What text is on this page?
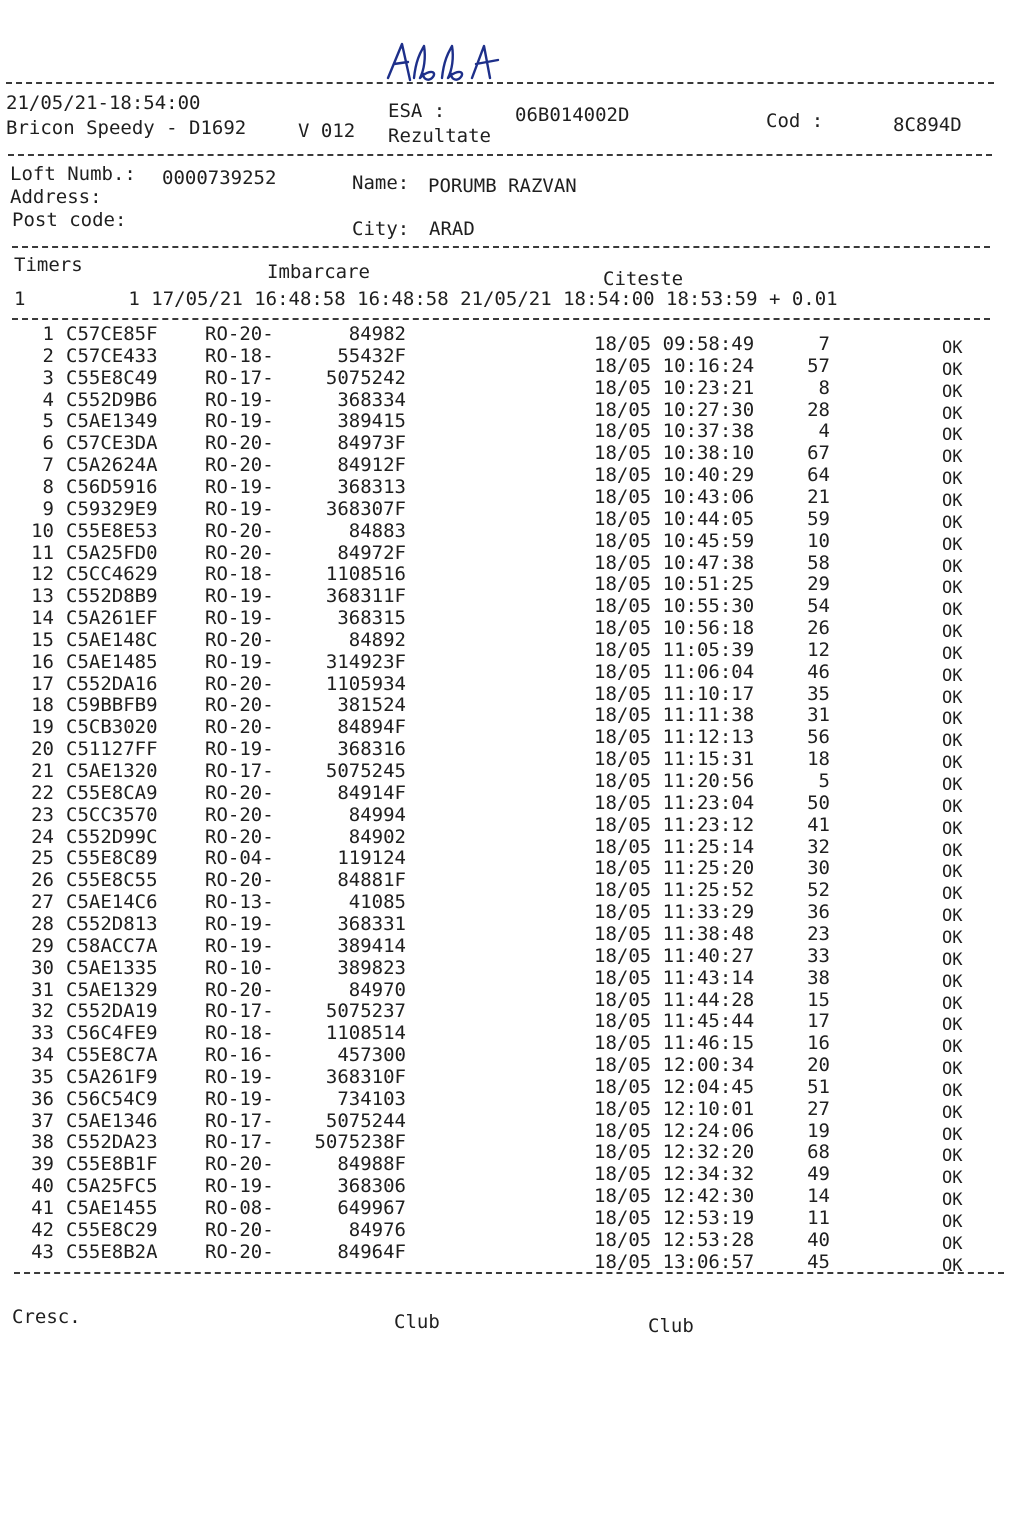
21/05/21-18:54:00
Bricon Speedy - D1692	V 012
ESA :	06B014002D
Rezultate
Cod :	8C894D
Loft Numb.: 0000739252	Name: PORUMB RAZVAN
Address:
Post code:	City: ARAD
Timers	Imbarcare	Citeste
1         1 17/05/21 16:48:58 16:48:58 21/05/21 18:54:00 18:53:59 + 0.01
1 C57CE85F RO-20-	84982	18/05 09:58:49	7	OK
2 C57CE433 RO-18-	55432F	18/05 10:16:24	57	OK
3 C55E8C49 RO-17-	5075242	18/05 10:23:21	8	OK
4 C552D9B6 RO-19-	368334	18/05 10:27:30	28	OK
5 C5AE1349 RO-19-	389415	18/05 10:37:38	4	OK
6 C57CE3DA RO-20-	84973F	18/05 10:38:10	67	OK
7 C5A2624A RO-20-	84912F	18/05 10:40:29	64	OK
8 C56D5916 RO-19-	368313	18/05 10:43:06	21	OK
9 C59329E9 RO-19-	368307F	18/05 10:44:05	59	OK
10 C55E8E53 RO-20-	84883	18/05 10:45:59	10	OK
11 C5A25FD0 RO-20-	84972F	18/05 10:47:38	58	OK
12 C5CC4629 RO-18-	1108516	18/05 10:51:25	29	OK
13 C552D8B9 RO-19-	368311F	18/05 10:55:30	54	OK
14 C5A261EF RO-19-	368315	18/05 10:56:18	26	OK
15 C5AE148C RO-20-	84892	18/05 11:05:39	12	OK
16 C5AE1485 RO-19-	314923F	18/05 11:06:04	46	OK
17 C552DA16 RO-20-	1105934	18/05 11:10:17	35	OK
18 C59BBFB9 RO-20-	381524	18/05 11:11:38	31	OK
19 C5CB3020 RO-20-	84894F	18/05 11:12:13	56	OK
20 C51127FF RO-19-	368316	18/05 11:15:31	18	OK
21 C5AE1320 RO-17-	5075245	18/05 11:20:56	5	OK
22 C55E8CA9 RO-20-	84914F	18/05 11:23:04	50	OK
23 C5CC3570 RO-20-	84994	18/05 11:23:12	41	OK
24 C552D99C RO-20-	84902	18/05 11:25:14	32	OK
25 C55E8C89 RO-04-	119124	18/05 11:25:20	30	OK
26 C55E8C55 RO-20-	84881F	18/05 11:25:52	52	OK
27 C5AE14C6 RO-13-	41085	18/05 11:33:29	36	OK
28 C552D813 RO-19-	368331	18/05 11:38:48	23	OK
29 C58ACC7A RO-19-	389414	18/05 11:40:27	33	OK
30 C5AE1335 RO-10-	389823	18/05 11:43:14	38	OK
31 C5AE1329 RO-20-	84970	18/05 11:44:28	15	OK
32 C552DA19 RO-17-	5075237	18/05 11:45:44	17	OK
33 C56C4FE9 RO-18-	1108514	18/05 11:46:15	16	OK
34 C55E8C7A RO-16-	457300	18/05 12:00:34	20	OK
35 C5A261F9 RO-19-	368310F	18/05 12:04:45	51	OK
36 C56C54C9 RO-19-	734103	18/05 12:10:01	27	OK
37 C5AE1346 RO-17-	5075244	18/05 12:24:06	19	OK
38 C552DA23 RO-17-	5075238F	18/05 12:32:20	68	OK
39 C55E8B1F RO-20-	84988F	18/05 12:34:32	49	OK
40 C5A25FC5 RO-19-	368306	18/05 12:42:30	14	OK
41 C5AE1455 RO-08-	649967	18/05 12:53:19	11	OK
42 C55E8C29 RO-20-	84976	18/05 12:53:28	40	OK
43 C55E8B2A RO-20-	84964F	18/05 13:06:57	45	OK
Cresc.	Club	Club
